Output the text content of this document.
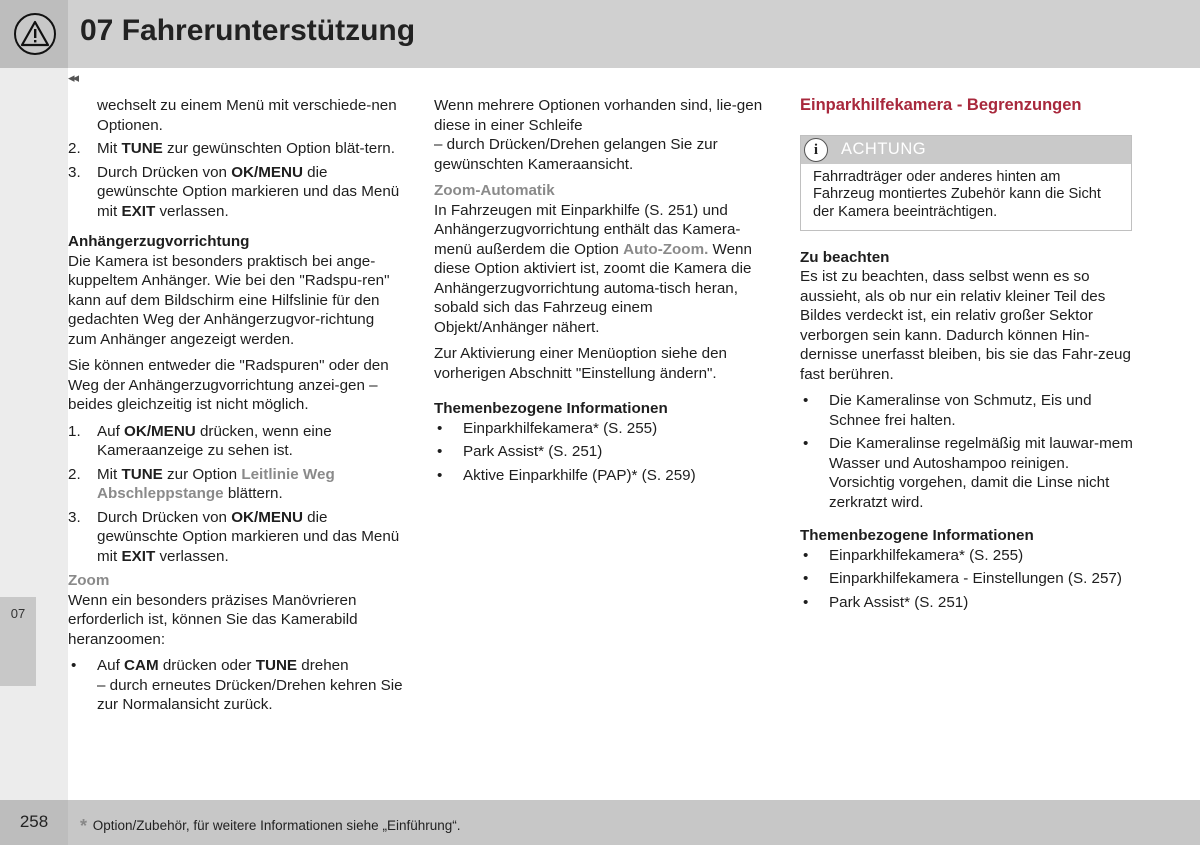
07 Fahrerunterstützung
◂◂
07

wechselt zu einem Menü mit verschiede-nen Optionen.

2. Mit TUNE zur gewünschten Option blät-tern.
3. Durch Drücken von OK/MENU die gewünschte Option markieren und das Menü mit EXIT verlassen.
Anhängerzugvorrichtung

Die Kamera ist besonders praktisch bei ange-kuppeltem Anhänger. Wie bei den "Radspu-ren" kann auf dem Bildschirm eine Hilfslinie für den gedachten Weg der Anhängerzugvor-richtung zum Anhänger angezeigt werden.

Sie können entweder die "Radspuren" oder den Weg der Anhängerzugvorrichtung anzei-gen – beides gleichzeitig ist nicht möglich.

1. Auf OK/MENU drücken, wenn eine Kameraanzeige zu sehen ist.
2. Mit TUNE zur Option Leitlinie Weg Abschleppstange blättern.
3. Durch Drücken von OK/MENU die gewünschte Option markieren und das Menü mit EXIT verlassen.
Zoom

Wenn ein besonders präzises Manövrieren erforderlich ist, können Sie das Kamerabild heranzoomen:

• Auf CAM drücken oder TUNE drehen
– durch erneutes Drücken/Drehen kehren Sie zur Normalansicht zurück.

Wenn mehrere Optionen vorhanden sind, lie-gen diese in einer Schleife

– durch Drücken/Drehen gelangen Sie zur gewünschten Kameraansicht.

Zoom-Automatik

In Fahrzeugen mit Einparkhilfe (S. 251) und Anhängerzugvorrichtung enthält das Kamera-menü außerdem die Option Auto-Zoom. Wenn diese Option aktiviert ist, zoomt die Kamera die Anhängerzugvorrichtung automa-tisch heran, sobald sich das Fahrzeug einem Objekt/Anhänger nähert.

Zur Aktivierung einer Menüoption siehe den vorherigen Abschnitt "Einstellung ändern".

Themenbezogene Informationen
• Einparkhilfekamera* (S. 255)
• Park Assist* (S. 251)
• Aktive Einparkhilfe (PAP)* (S. 259)
Einparkhilfekamera - Begrenzungen
i	ACHTUNG
Fahrradträger oder anderes hinten am Fahrzeug montiertes Zubehör kann die Sicht der Kamera beeinträchtigen.
Zu beachten

Es ist zu beachten, dass selbst wenn es so aussieht, als ob nur ein relativ kleiner Teil des Bildes verdeckt ist, ein relativ großer Sektor verborgen sein kann. Dadurch können Hin-dernisse unerfasst bleiben, bis sie das Fahr-zeug fast berühren.

• Die Kameralinse von Schmutz, Eis und Schnee frei halten.
• Die Kameralinse regelmäßig mit lauwar-mem Wasser und Autoshampoo reinigen. Vorsichtig vorgehen, damit die Linse nicht zerkratzt wird.
Themenbezogene Informationen
• Einparkhilfekamera* (S. 255)
• Einparkhilfekamera - Einstellungen (S. 257)
• Park Assist* (S. 251)
258	* Option/Zubehör, für weitere Informationen siehe „Einführung“.
